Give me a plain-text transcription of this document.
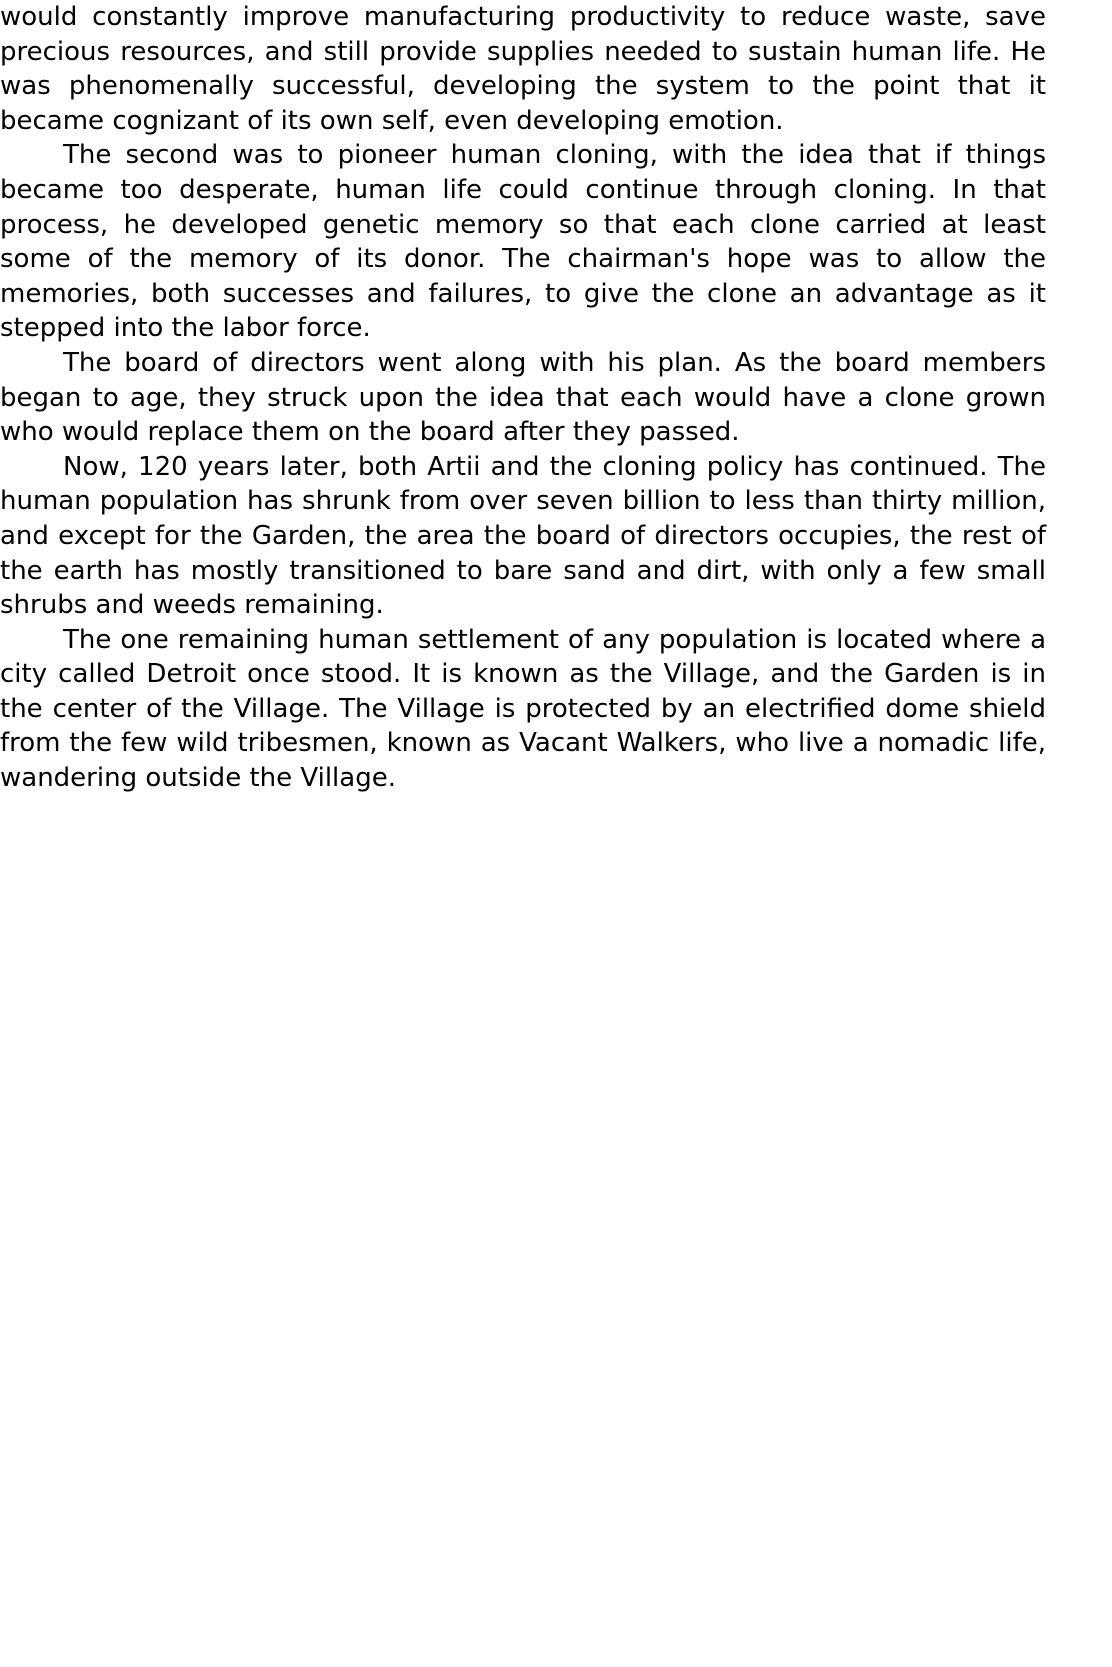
would constantly improve manufacturing productivity to reduce waste, save precious resources, and still provide supplies needed to sustain human life. He was phenomenally successful, developing the system to the point that it became cognizant of its own self, even developing emotion.

The second was to pioneer human cloning, with the idea that if things became too desperate, human life could continue through cloning. In that process, he developed genetic memory so that each clone carried at least some of the memory of its donor. The chairman's hope was to allow the memories, both successes and failures, to give the clone an advantage as it stepped into the labor force.

The board of directors went along with his plan. As the board members began to age, they struck upon the idea that each would have a clone grown who would replace them on the board after they passed.

Now, 120 years later, both Artii and the cloning policy has continued. The human population has shrunk from over seven billion to less than thirty million, and except for the Garden, the area the board of directors occupies, the rest of the earth has mostly transitioned to bare sand and dirt, with only a few small shrubs and weeds remaining.

The one remaining human settlement of any population is located where a city called Detroit once stood. It is known as the Village, and the Garden is in the center of the Village. The Village is protected by an electrified dome shield from the few wild tribesmen, known as Vacant Walkers, who live a nomadic life, wandering outside the Village.
